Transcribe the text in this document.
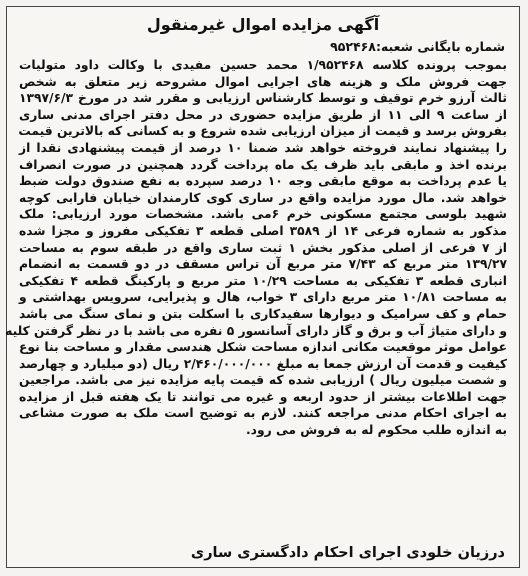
آگهی مزایده اموال غیرمنقول
شماره بایگانی شعبه:۹۵۲۴۶۸
بموجب پرونده کلاسه ۱/۹۵۲۴۶۸ محمد حسین مفیدی با وکالت داود متولیات
جهت فروش ملک و هزینه های اجرایی اموال مشروحه زیر متعلق به شخص
ثالث آرزو خرم توقیف و توسط کارشناس ارزیابی و مقرر شد در مورخ ۱۳۹۷/۶/۳
از ساعت ۹ الی ۱۱ از طریق مزایده حضوری در محل دفتر اجرای مدنی ساری
بفروش برسد و قیمت از میزان ارزیابی شده شروع و به کسانی که بالاترین قیمت
را پیشنهاد نمایند فروخته خواهد شد ضمنا ۱۰ درصد از قیمت پیشنهادی نقدا از
برنده اخذ و مابقی باید ظرف یک ماه پرداخت گردد همچنین در صورت انصراف
یا عدم پرداخت به موقع مابقی وجه ۱۰ درصد سپرده به نفع صندوق دولت ضبط
خواهد شد. مال مورد مزایده واقع در ساری کوی کارمندان خیابان فارابی کوچه
شهید بلوسی مجتمع مسکونی خرم ۶می باشد. مشخصات مورد ارزیابی: ملک
مذکور به شماره فرعی ۱۴ از ۳۵۸۹ اصلی قطعه ۳ تفکیکی مفروز و مجزا شده
از ۷ فرعی از اصلی مذکور بخش ۱ ثبت ساری واقع در طبقه سوم به مساحت
۱۳۹/۲۷ متر مربع که ۷/۴۳ متر مربع آن تراس مسقف در دو قسمت به انضمام
انباری قطعه ۳ تفکیکی به مساحت ۱۰/۲۹ متر مربع و پارکینگ قطعه ۴ تفکیکی
به مساحت ۱۰/۸۱ متر مربع دارای ۳ خواب، هال و پذیرایی، سرویس بهداشتی و
حمام و کف سرامیک و دیوارها سفیدکاری با اسکلت بتن و نمای سنگ می باشد
و دارای متیاژ آب و برق و گاز دارای آسانسور ۵ نفره می باشد با در نظر گرفتن کلیه
عوامل موثر موقعیت مکانی اندازه مساحت شکل هندسی مقدار و مساحت بنا نوع
کیفیت و قدمت آن ارزش جمعا به مبلغ ۲/۴۶۰/۰۰۰/۰۰۰ ریال (دو میلیارد و چهارصد
و شصت میلیون ریال ) ارزیابی شده که قیمت پایه مزایده نیز می باشد. مراجعین
جهت اطلاعات بیشتر از حدود اربعه و غیره می توانند تا یک هفته قبل از مزایده
به اجرای احکام مدنی مراجعه کنند. لازم به توضیح است ملک به صورت مشاعی
به اندازه طلب محکوم له به فروش می رود.
درزیان خلودی اجرای احکام دادگستری ساری
